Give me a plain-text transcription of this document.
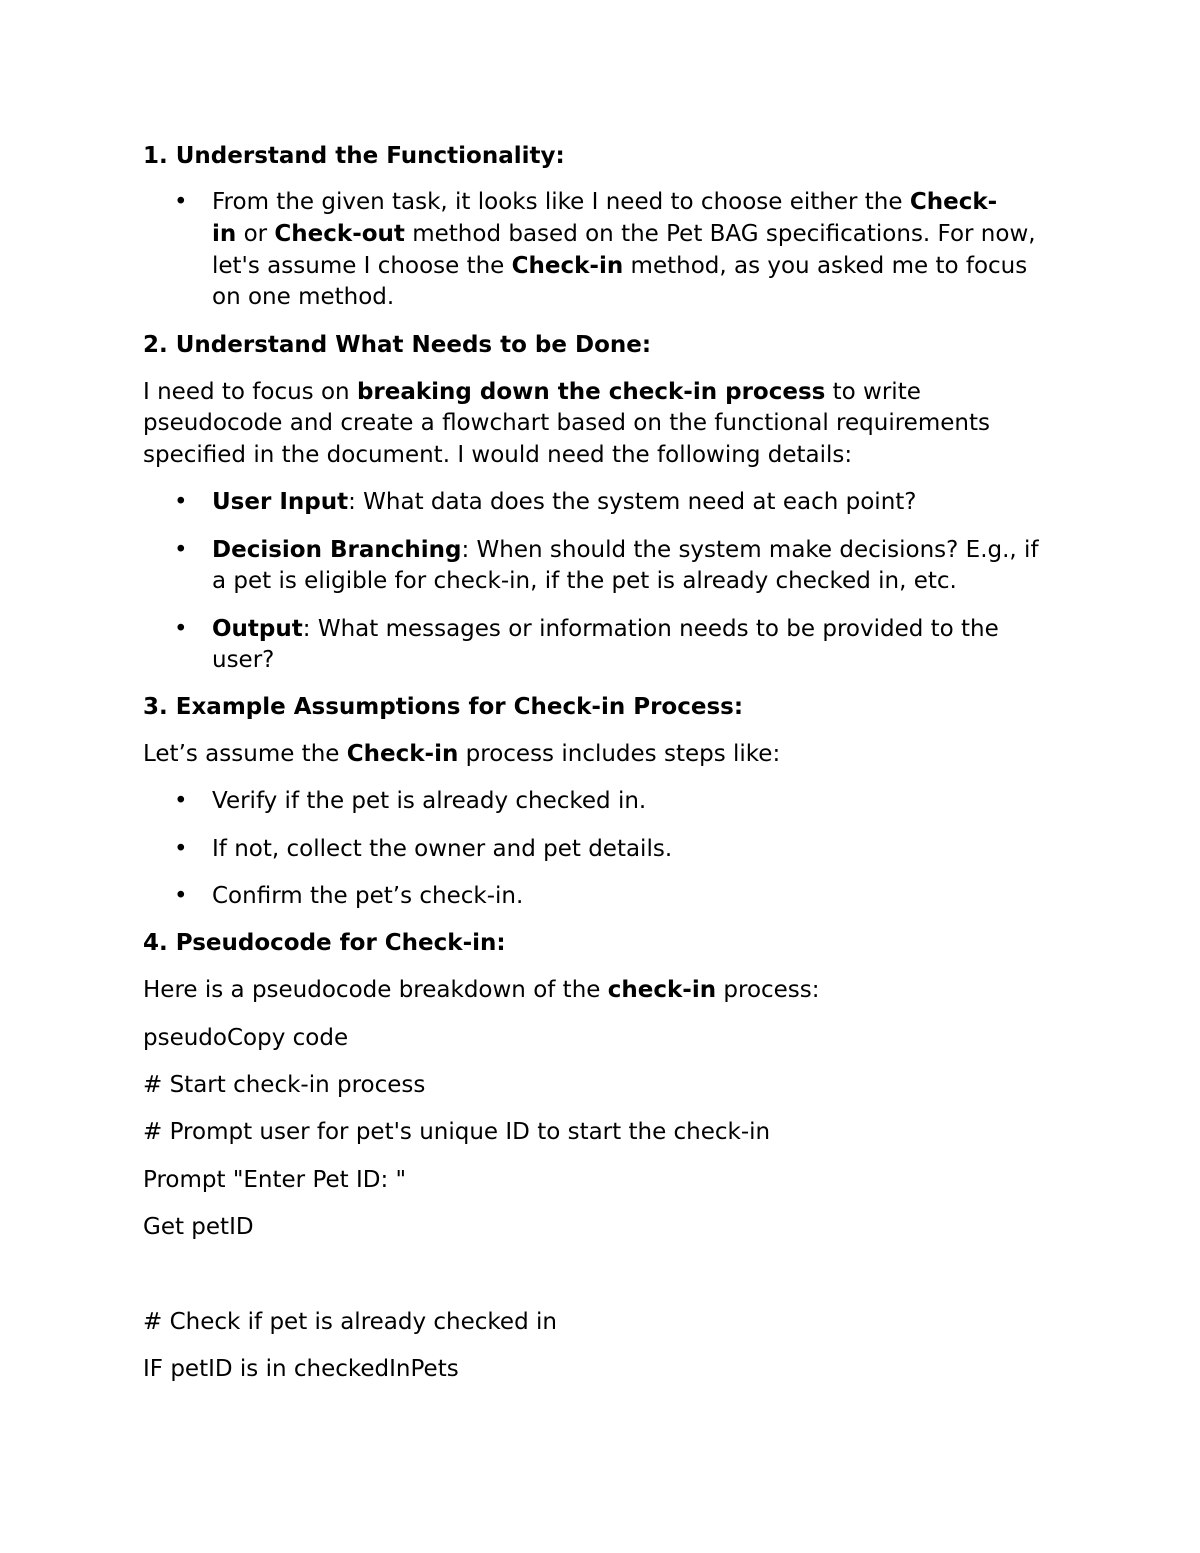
1. Understand the Functionality:

• From the given task, it looks like I need to choose either the Check-

in or Check-out method based on the Pet BAG specifications. For now,

let's assume I choose the Check-in method, as you asked me to focus

on one method.

2. Understand What Needs to be Done:

I need to focus on breaking down the check-in process to write

pseudocode and create a flowchart based on the functional requirements

specified in the document. I would need the following details:

• User Input: What data does the system need at each point?

• Decision Branching: When should the system make decisions? E.g., if

a pet is eligible for check-in, if the pet is already checked in, etc.

• Output: What messages or information needs to be provided to the

user?

3. Example Assumptions for Check-in Process:

Let’s assume the Check-in process includes steps like:

• Verify if the pet is already checked in.

• If not, collect the owner and pet details.

• Confirm the pet’s check-in.

4. Pseudocode for Check-in:

Here is a pseudocode breakdown of the check-in process:

pseudoCopy code

# Start check-in process

# Prompt user for pet's unique ID to start the check-in

Prompt "Enter Pet ID: "

Get petID

# Check if pet is already checked in

IF petID is in checkedInPets
